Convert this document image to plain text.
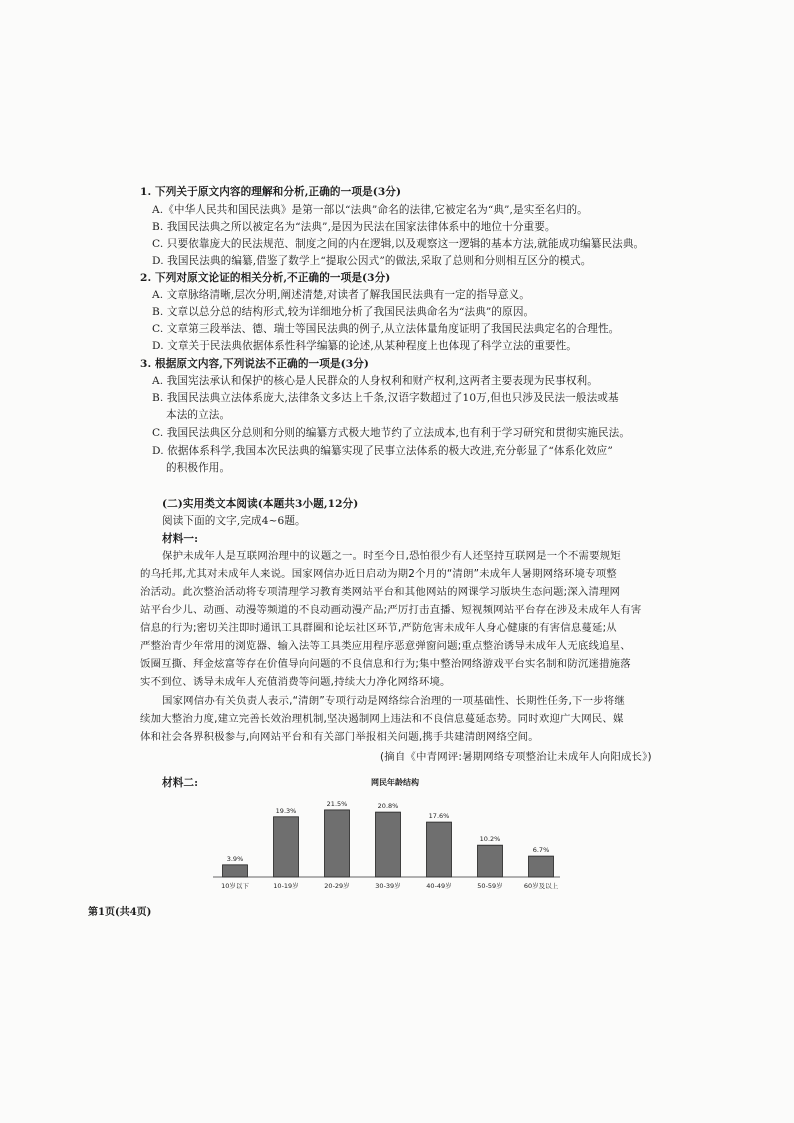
1. 下列关于原文内容的理解和分析,正确的一项是(3分)
A.《中华人民共和国民法典》是第一部以“法典”命名的法律,它被定名为“典”,是实至名归的。
B. 我国民法典之所以被定名为“法典”,是因为民法在国家法律体系中的地位十分重要。
C. 只要依靠庞大的民法规范、制度之间的内在逻辑,以及观察这一逻辑的基本方法,就能成功编纂民法典。
D. 我国民法典的编纂,借鉴了数学上“提取公因式”的做法,采取了总则和分则相互区分的模式。
2. 下列对原文论证的相关分析,不正确的一项是(3分)
A. 文章脉络清晰,层次分明,阐述清楚,对读者了解我国民法典有一定的指导意义。
B. 文章以总分总的结构形式,较为详细地分析了我国民法典命名为“法典”的原因。
C. 文章第三段举法、德、瑞士等国民法典的例子,从立法体量角度证明了我国民法典定名的合理性。
D. 文章关于民法典依据体系性科学编纂的论述,从某种程度上也体现了科学立法的重要性。
3. 根据原文内容,下列说法不正确的一项是(3分)
A. 我国宪法承认和保护的核心是人民群众的人身权利和财产权利,这两者主要表现为民事权利。
B. 我国民法典立法体系庞大,法律条文多达上千条,汉语字数超过了10万,但也只涉及民法一般法或基
本法的立法。
C. 我国民法典区分总则和分则的编纂方式极大地节约了立法成本,也有利于学习研究和贯彻实施民法。
D. 依据体系科学,我国本次民法典的编纂实现了民事立法体系的极大改进,充分彰显了“体系化效应”
的积极作用。
(二)实用类文本阅读(本题共3小题,12分)
阅读下面的文字,完成4~6题。
材料一:
保护未成年人是互联网治理中的议题之一。时至今日,恐怕很少有人还坚持互联网是一个不需要规矩
的乌托邦,尤其对未成年人来说。国家网信办近日启动为期2个月的“清朗”未成年人暑期网络环境专项整
治活动。此次整治活动将专项清理学习教育类网站平台和其他网站的网课学习版块生态问题;深入清理网
站平台少儿、动画、动漫等频道的不良动画动漫产品;严厉打击直播、短视频网站平台存在涉及未成年人有害
信息的行为;密切关注即时通讯工具群圈和论坛社区环节,严防危害未成年人身心健康的有害信息蔓延;从
严整治青少年常用的浏览器、输入法等工具类应用程序恶意弹窗问题;重点整治诱导未成年人无底线追星、
饭圈互撕、拜金炫富等存在价值导向问题的不良信息和行为;集中整治网络游戏平台实名制和防沉迷措施落
实不到位、诱导未成年人充值消费等问题,持续大力净化网络环境。
国家网信办有关负责人表示,“清朗”专项行动是网络综合治理的一项基础性、长期性任务,下一步将继
续加大整治力度,建立完善长效治理机制,坚决遏制网上违法和不良信息蔓延态势。同时欢迎广大网民、媒
体和社会各界积极参与,向网站平台和有关部门举报相关问题,携手共建清朗网络空间。
(摘自《中青网评:暑期网络专项整治让未成年人向阳成长》)
材料二:	网民年龄结构
3.9%
10岁以下
19.3%
10-19岁
21.5%
20-29岁
20.8%
30-39岁
17.6%
40-49岁
10.2%
50-59岁
6.7%
60岁及以上
第1页(共4页)
